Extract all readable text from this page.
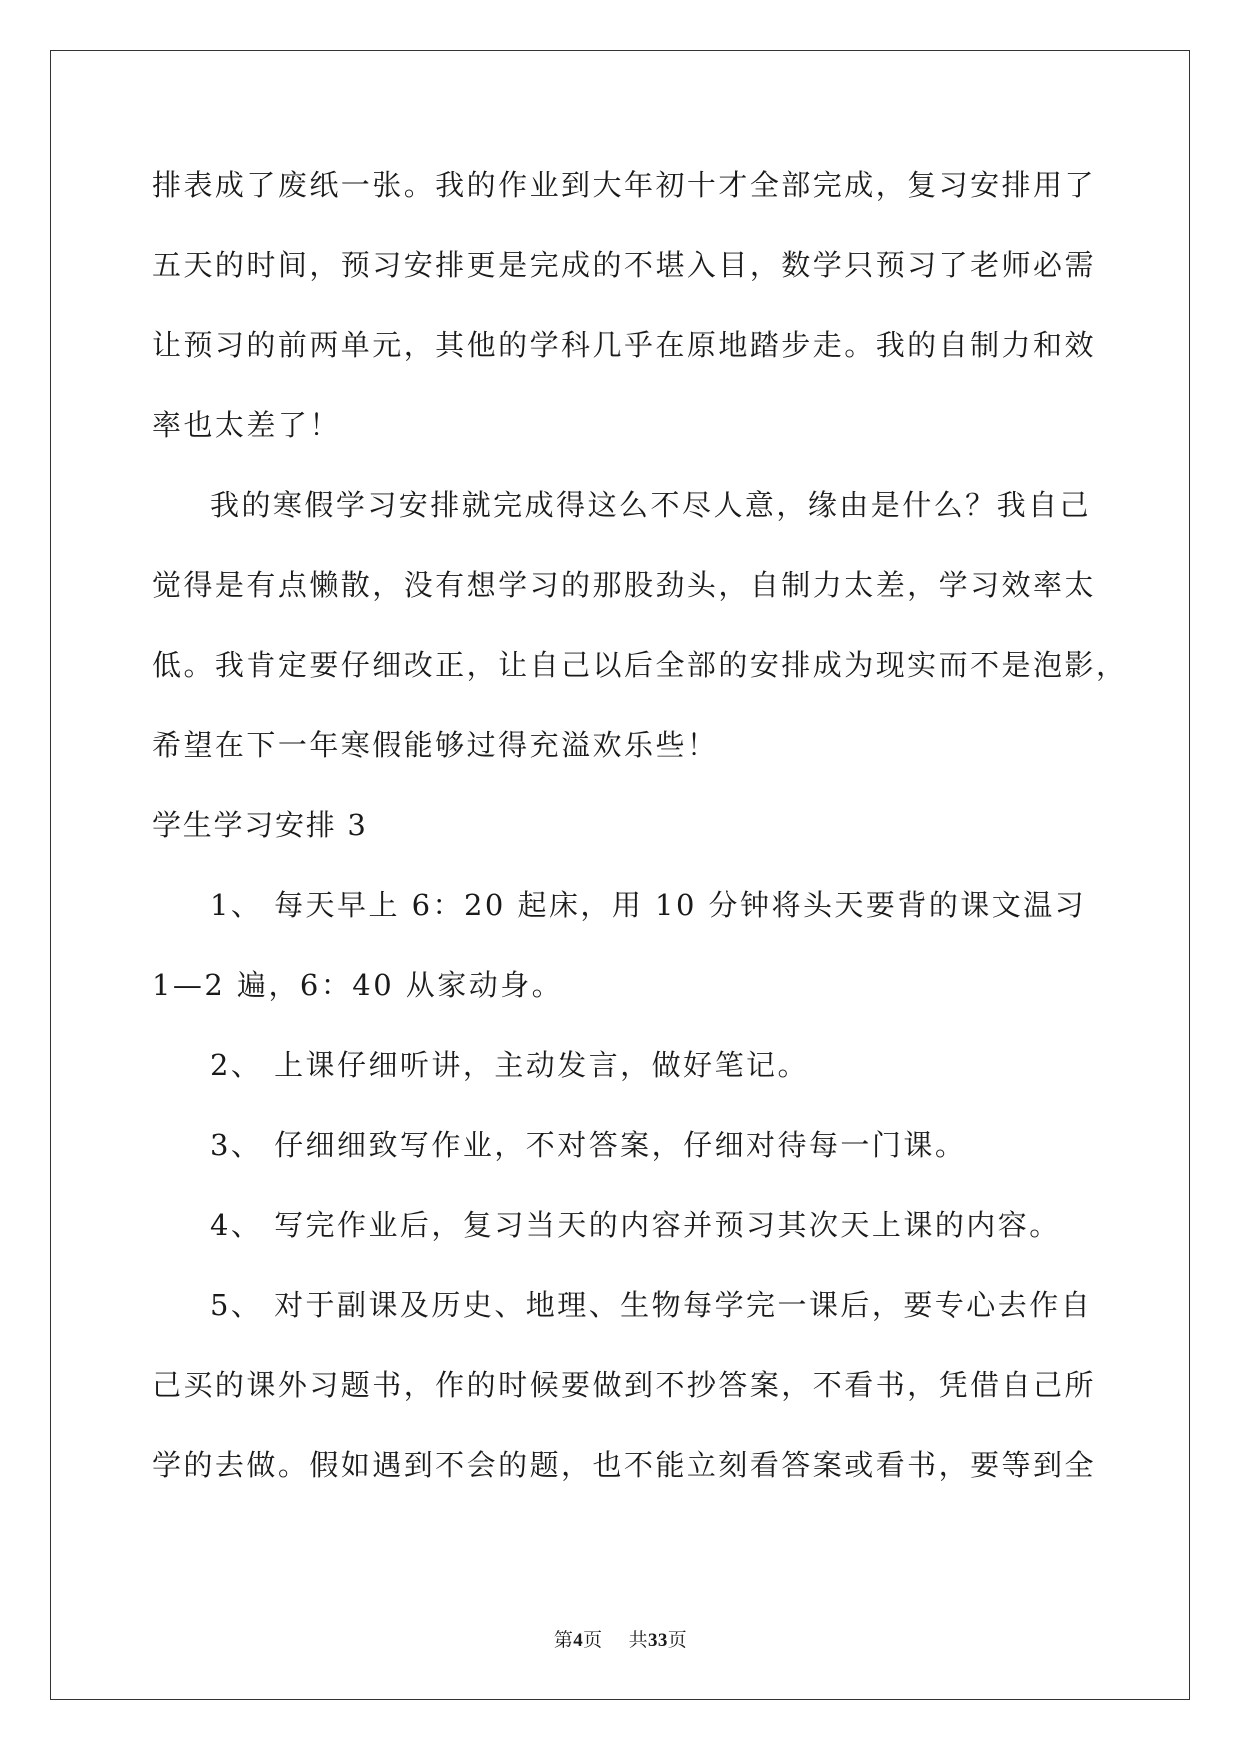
排表成了废纸一张。我的作业到大年初十才全部完成，复习安排用了
五天的时间，预习安排更是完成的不堪入目，数学只预习了老师必需
让预习的前两单元，其他的学科几乎在原地踏步走。我的自制力和效
率也太差了！
我的寒假学习安排就完成得这么不尽人意，缘由是什么？我自己
觉得是有点懒散，没有想学习的那股劲头，自制力太差，学习效率太
低。我肯定要仔细改正，让自己以后全部的安排成为现实而不是泡影，
希望在下一年寒假能够过得充溢欢乐些！
学生学习安排 3
1、 每天早上 6：20 起床，用 10 分钟将头天要背的课文温习
1—2 遍，6：40 从家动身。
2、 上课仔细听讲，主动发言，做好笔记。
3、 仔细细致写作业，不对答案，仔细对待每一门课。
4、 写完作业后，复习当天的内容并预习其次天上课的内容。
5、 对于副课及历史、地理、生物每学完一课后，要专心去作自
己买的课外习题书，作的时候要做到不抄答案，不看书，凭借自己所
学的去做。假如遇到不会的题，也不能立刻看答案或看书，要等到全
第4页 共33页
